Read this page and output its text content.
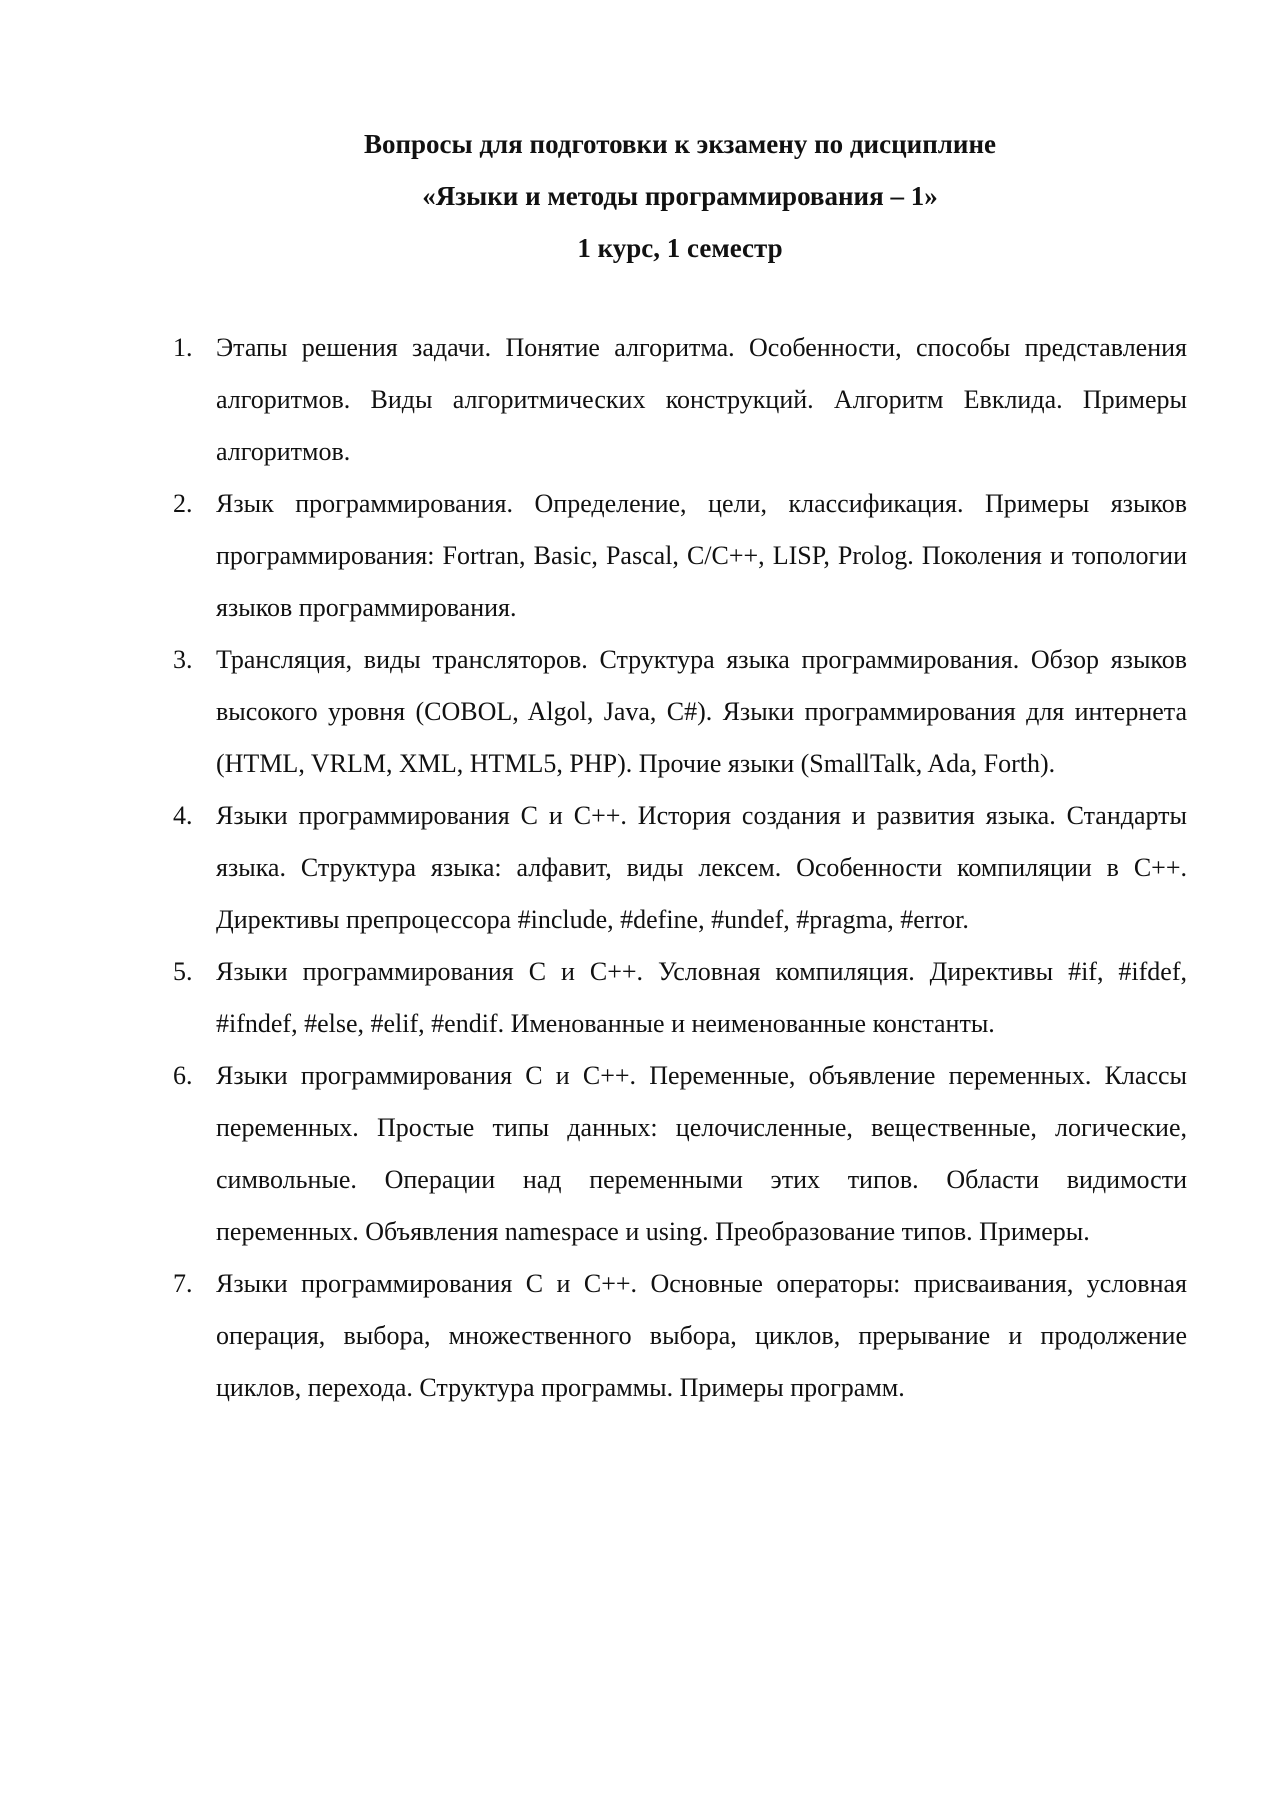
Вопросы для подготовки к экзамену по дисциплине
«Языки и методы программирования – 1»
1 курс, 1 семестр
1. Этапы решения задачи. Понятие алгоритма. Особенности, способы представления алгоритмов. Виды алгоритмических конструкций. Алгоритм Евклида. Примеры алгоритмов.
2. Язык программирования. Определение, цели, классификация. Примеры языков программирования: Fortran, Basic, Pascal, C/C++, LISP, Prolog. Поколения и топологии языков программирования.
3. Трансляция, виды трансляторов. Структура языка программирования. Обзор языков высокого уровня (COBOL, Algol, Java, C#). Языки программирования для интернета (HTML, VRLM, XML, HTML5, PHP). Прочие языки (SmallTalk, Ada, Forth).
4. Языки программирования С и С++. История создания и развития языка. Стандарты языка. Структура языка: алфавит, виды лексем. Особенности компиляции в С++. Директивы препроцессора #include, #define, #undef, #pragma, #error.
5. Языки программирования С и С++. Условная компиляция. Директивы #if, #ifdef, #ifndef, #else, #elif, #endif. Именованные и неименованные константы.
6. Языки программирования С и С++. Переменные, объявление переменных. Классы переменных. Простые типы данных: целочисленные, вещественные, логические, символьные. Операции над переменными этих типов. Области видимости переменных. Объявления namespace и using. Преобразование типов. Примеры.
7. Языки программирования С и С++. Основные операторы: присваивания, условная операция, выбора, множественного выбора, циклов, прерывание и продолжение циклов, перехода. Структура программы. Примеры программ.
